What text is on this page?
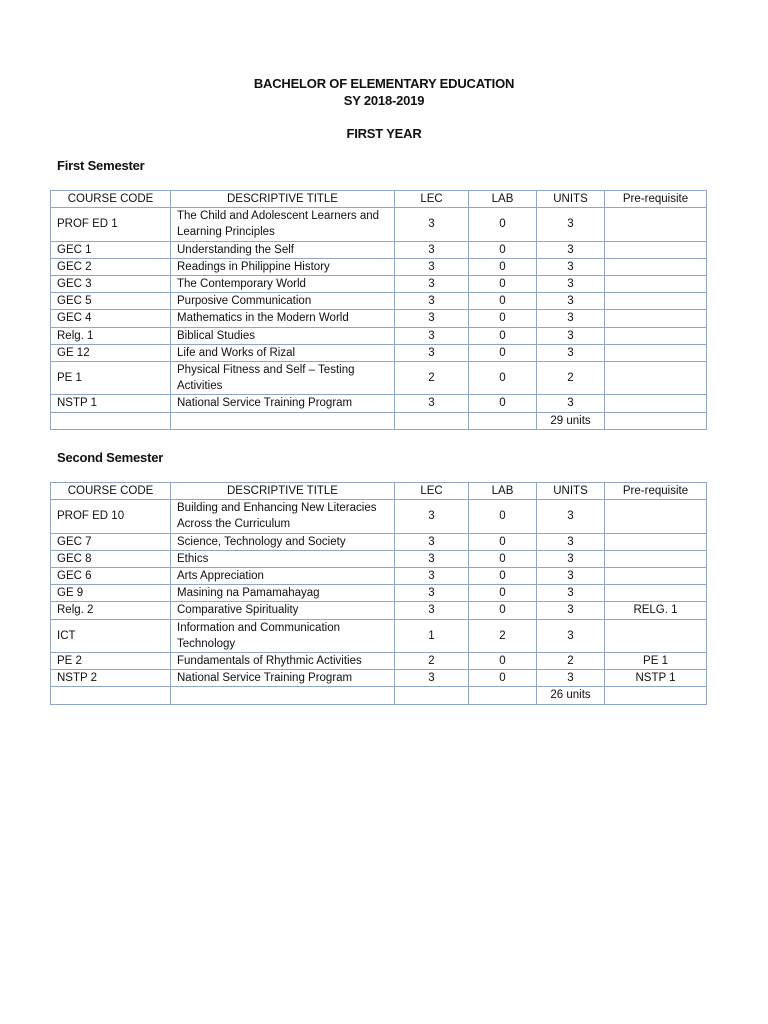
BACHELOR OF ELEMENTARY EDUCATION
SY 2018-2019
FIRST YEAR
First Semester
COURSE CODE	DESCRIPTIVE TITLE	LEC	LAB	UNITS	Pre-requisite
PROF ED 1	The Child and Adolescent Learners and Learning Principles	3	0	3	
GEC 1	Understanding the Self	3	0	3	
GEC 2	Readings in Philippine History	3	0	3	
GEC 3	The Contemporary World	3	0	3	
GEC 5	Purposive Communication	3	0	3	
GEC 4	Mathematics in the Modern World	3	0	3	
Relg. 1	Biblical Studies	3	0	3	
GE 12	Life and Works of Rizal	3	0	3	
PE 1	Physical Fitness and Self – Testing Activities	2	0	2	
NSTP 1	National Service Training Program	3	0	3	
				29 units	
Second Semester
COURSE CODE	DESCRIPTIVE TITLE	LEC	LAB	UNITS	Pre-requisite
PROF ED 10	Building and Enhancing New Literacies Across the Curriculum	3	0	3	
GEC 7	Science, Technology and Society	3	0	3	
GEC 8	Ethics	3	0	3	
GEC 6	Arts Appreciation	3	0	3	
GE 9	Masining na Pamamahayag	3	0	3	
Relg. 2	Comparative Spirituality	3	0	3	RELG. 1
ICT	Information and Communication Technology	1	2	3	
PE 2	Fundamentals of Rhythmic Activities	2	0	2	PE 1
NSTP 2	National Service Training Program	3	0	3	NSTP 1
				26 units	
